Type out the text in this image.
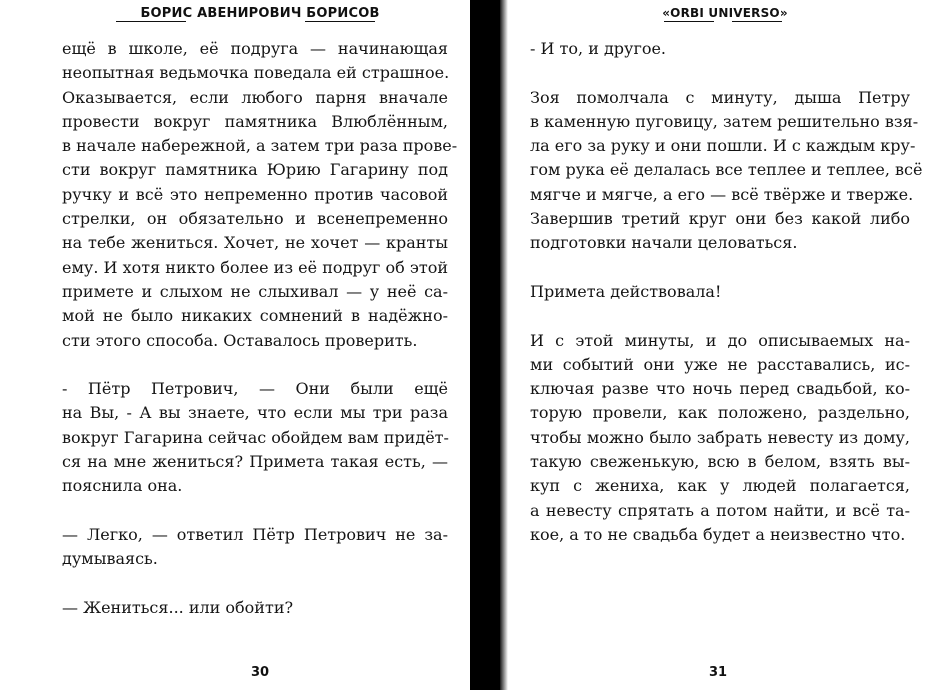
БОРИС АВЕНИРОВИЧ БОРИСОВ
ещё в школе, её подруга — начинающая
неопытная ведьмочка поведала ей страшное.
Оказывается, если любого парня вначале
провести вокруг памятника Влюблённым,
в начале набережной, а затем три раза прове-
сти вокруг памятника Юрию Гагарину под
ручку и всё это непременно против часовой
стрелки, он обязательно и всенепременно
на тебе жениться. Хочет, не хочет — кранты
ему. И хотя никто более из её подруг об этой
примете и слыхом не слыхивал — у неё са-
мой не было никаких сомнений в надёжно-
сти этого способа. Оставалось проверить.
- Пётр Петрович, — Они были ещё
на Вы, - А вы знаете, что если мы три раза
вокруг Гагарина сейчас обойдем вам придёт-
ся на мне жениться? Примета такая есть, —
пояснила она.
— Легко, — ответил Пётр Петрович не за-
думываясь.
— Жениться... или обойти?
30
«ORBI UNIVERSO»
- И то, и другое.
Зоя помолчала с минуту, дыша Петру
в каменную пуговицу, затем решительно взя-
ла его за руку и они пошли. И с каждым кру-
гом рука её делалась все теплее и теплее, всё
мягче и мягче, а его — всё твёрже и тверже.
Завершив третий круг они без какой либо
подготовки начали целоваться.
Примета действовала!
И с этой минуты, и до описываемых на-
ми событий они уже не расставались, ис-
ключая разве что ночь перед свадьбой, ко-
торую провели, как положено, раздельно,
чтобы можно было забрать невесту из дому,
такую свеженькую, всю в белом, взять вы-
куп с жениха, как у людей полагается,
а невесту спрятать а потом найти, и всё та-
кое, а то не свадьба будет а неизвестно что.
31
